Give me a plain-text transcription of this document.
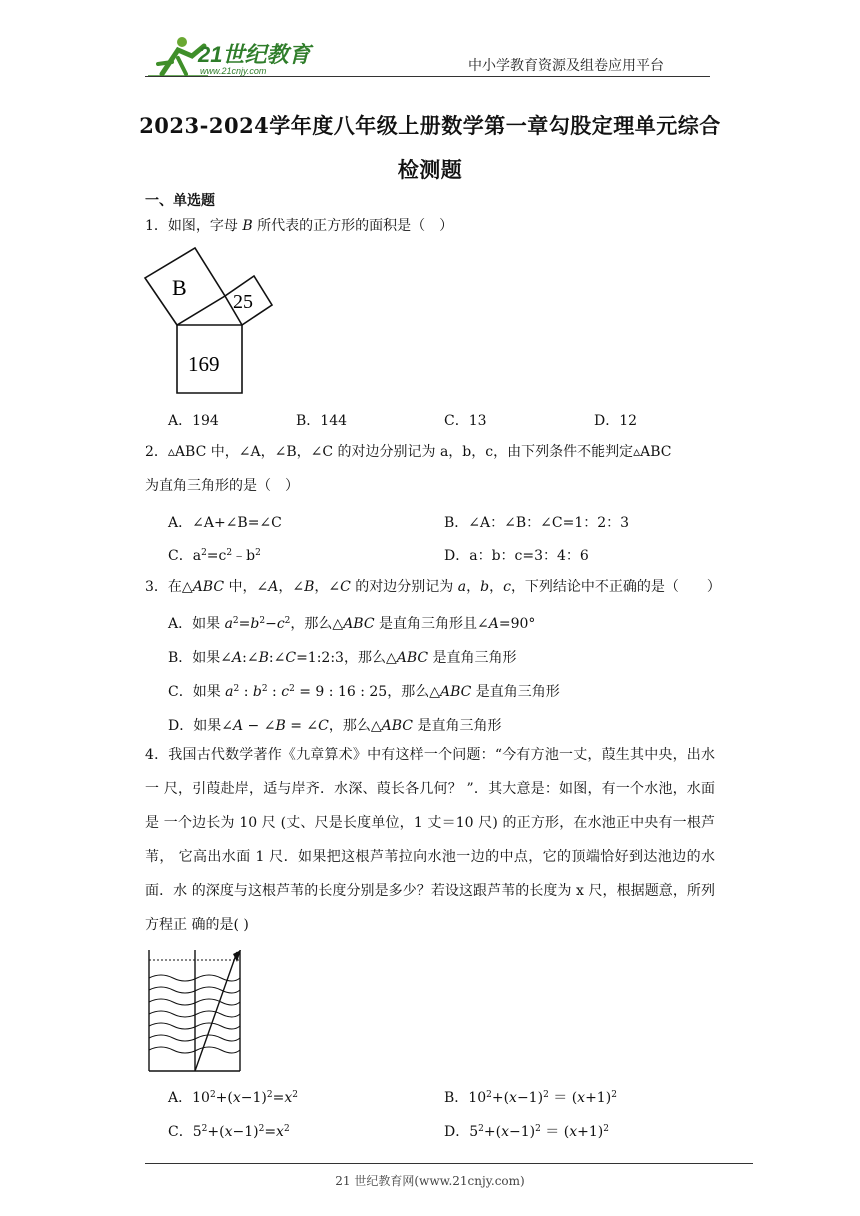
21世纪教育
www.21cnjy.com	中小学教育资源及组卷应用平台
2023-2024学年度八年级上册数学第一章勾股定理单元综合
检测题
一、单选题
1．如图，字母 B 所代表的正方形的面积是（　）
B
25
169
A．194	B．144	C．13	D．12
2．▵ABC 中，∠A，∠B，∠C 的对边分别记为 a，b，c，由下列条件不能判定▵ABC
为直角三角形的是（　）
A．∠A+∠B=∠C	B．∠A：∠B：∠C=1：2：3
C．$a^2=c^2﹣b^2$	D．a：b：c=3：4：6
3．在△ABC 中，∠A，∠B，∠C 的对边分别记为 a，b，c，下列结论中不正确的是（　　）
A．如果 $a^2=b^2-c^2$，那么△ABC 是直角三角形且∠A=90°
B．如果∠A:∠B:∠C=1:2:3，那么△ABC 是直角三角形
C．如果 $a^2$ : $b^2$ : $c^2 = 9$ : 16 : 25，那么△ABC 是直角三角形
D．如果∠A − ∠B = ∠C，那么△ABC 是直角三角形
4．我国古代数学著作《九章算术》中有这样一个问题：“今有方池一丈，葭生其中央，出水一 尺，引葭赴岸，适与岸齐．水深、葭长各几何？ ”．其大意是：如图，有一个水池，水面是 一个边长为 10 尺 (丈、尺是长度单位，1 丈＝10 尺) 的正方形，在水池正中央有一根芦苇， 它高出水面 1 尺．如果把这根芦苇拉向水池一边的中点，它的顶端恰好到达池边的水面．水 的深度与这根芦苇的长度分别是多少？若设这跟芦苇的长度为 x 尺，根据题意，所列方程正 确的是( )
A．$10^2+(x-1)^2=x^2$	B．$10^2+(x-1)^2 = (x+1)^2$
C．$5^2+(x-1)^2=x^2$	D．$5^2+(x-1)^2 = (x+1)^2$
21 世纪教育网(www.21cnjy.com)
